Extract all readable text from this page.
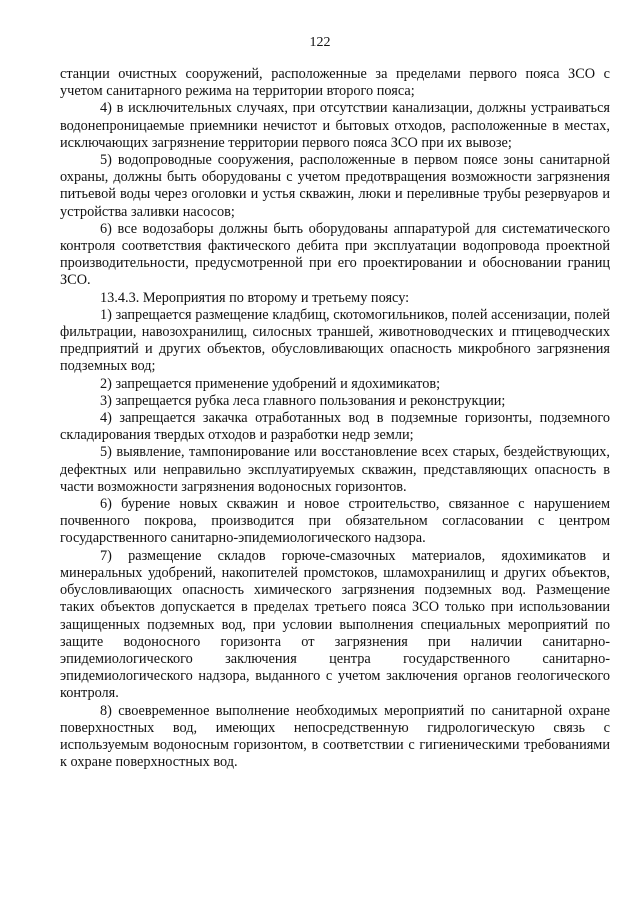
122

станции очистных сооружений, расположенные за пределами первого пояса ЗСО с учетом санитарного режима на территории второго пояса;

4) в исключительных случаях, при отсутствии канализации, должны устраиваться водонепроницаемые приемники нечистот и бытовых отходов, расположенные в местах, исключающих загрязнение территории первого пояса ЗСО при их вывозе;

5) водопроводные сооружения, расположенные в первом поясе зоны санитарной охраны, должны быть оборудованы с учетом предотвращения возможности загрязнения питьевой воды через оголовки и устья скважин, люки и переливные трубы резервуаров и устройства заливки насосов;

6) все водозаборы должны быть оборудованы аппаратурой для систематического контроля соответствия фактического дебита при эксплуатации водопровода проектной производительности, предусмотренной при его проектировании и обосновании границ ЗСО.

13.4.3. Мероприятия по второму и третьему поясу:

1) запрещается размещение кладбищ, скотомогильников, полей ассенизации, полей фильтрации, навозохранилищ, силосных траншей, животноводческих и птицеводческих предприятий и других объектов, обусловливающих опасность микробного загрязнения подземных вод;

2) запрещается применение удобрений и ядохимикатов;

3) запрещается рубка леса главного пользования и реконструкции;

4) запрещается закачка отработанных вод в подземные горизонты, подземного складирования твердых отходов и разработки недр земли;

5) выявление, тампонирование или восстановление всех старых, бездействующих, дефектных или неправильно эксплуатируемых скважин, представляющих опасность в части возможности загрязнения водоносных горизонтов.

6) бурение новых скважин и новое строительство, связанное с нарушением почвенного покрова, производится при обязательном согласовании с центром государственного санитарно-эпидемиологического надзора.

7) размещение складов горюче-смазочных материалов, ядохимикатов и минеральных удобрений, накопителей промстоков, шламохранилищ и других объектов, обусловливающих опасность химического загрязнения подземных вод. Размещение таких объектов допускается в пределах третьего пояса ЗСО только при использовании защищенных подземных вод, при условии выполнения специальных мероприятий по защите водоносного горизонта от загрязнения при наличии санитарно-эпидемиологического заключения центра государственного санитарно-эпидемиологического надзора, выданного с учетом заключения органов геологического контроля.

8) своевременное выполнение необходимых мероприятий по санитарной охране поверхностных вод, имеющих непосредственную гидрологическую связь с используемым водоносным горизонтом, в соответствии с гигиеническими требованиями к охране поверхностных вод.
